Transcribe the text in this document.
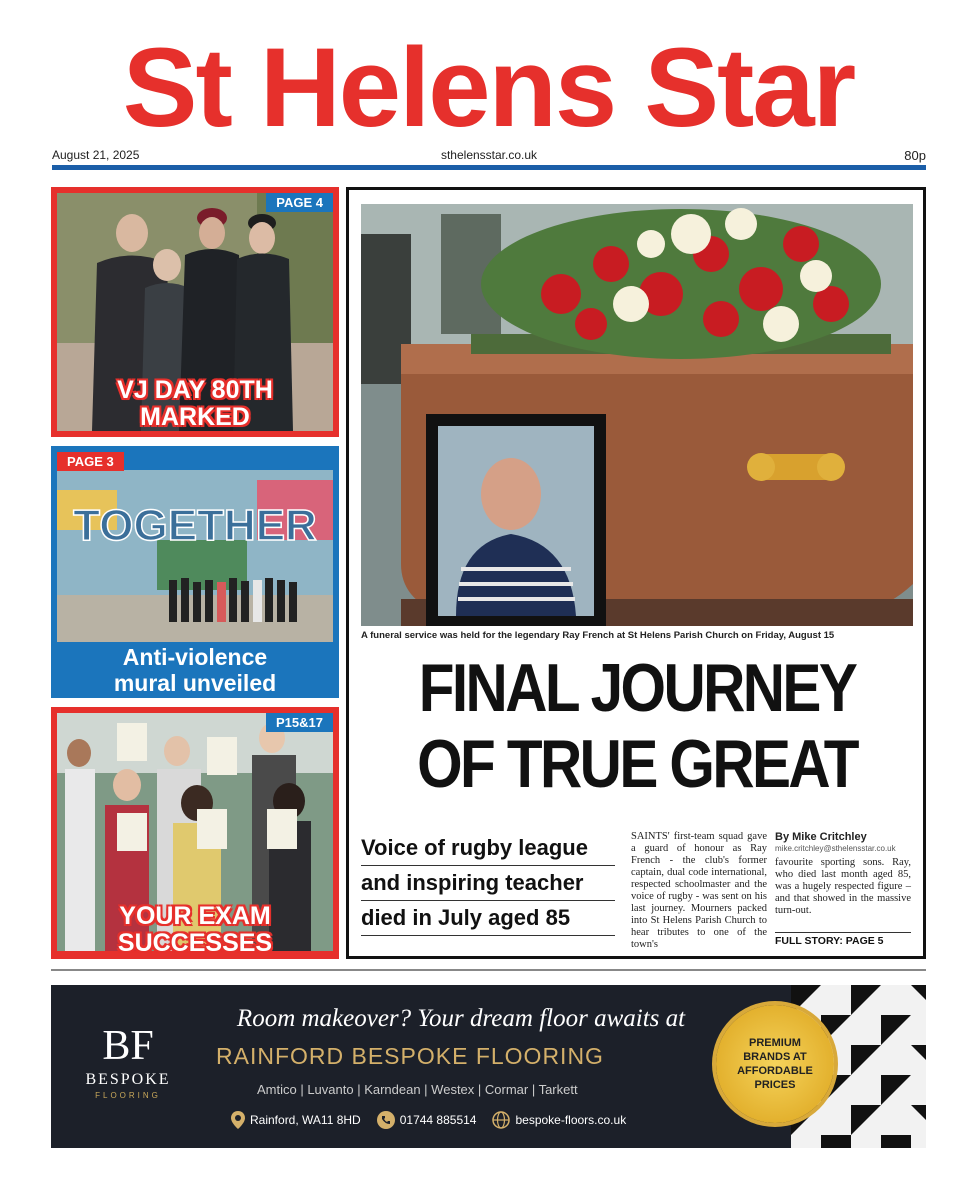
St Helens Star
August 21, 2025	sthelensstar.co.uk	80p
PAGE 4
VJ DAY 80TH
MARKED
PAGE 3
TOGETHER
Anti-violence
mural unveiled
P15&17
YOUR EXAM
SUCCESSES
A funeral service was held for the legendary Ray French at St Helens Parish Church on Friday, August 15
FINAL JOURNEY
OF TRUE GREAT
Voice of rugby league
and inspiring teacher
died in July aged 85
SAINTS' first-team squad gave a guard of honour as Ray French - the club's former captain, dual code international, respected schoolmaster and the voice of rugby - was sent on his last journey. Mourners packed into St Helens Parish Church to hear tributes to one of the town's
By Mike Critchley
mike.critchley@sthelensstar.co.uk
favourite sporting sons. Ray, who died last month aged 85, was a hugely respected figure – and that showed in the massive turn-out.
FULL STORY: PAGE 5
BF
BESPOKE
FLOORING
Room makeover? Your dream floor awaits at
RAINFORD BESPOKE FLOORING
Amtico | Luvanto | Karndean | Westex | Cormar | Tarkett
Rainford, WA11 8HD	01744 885514	bespoke-floors.co.uk
PREMIUM BRANDS AT AFFORDABLE PRICES
